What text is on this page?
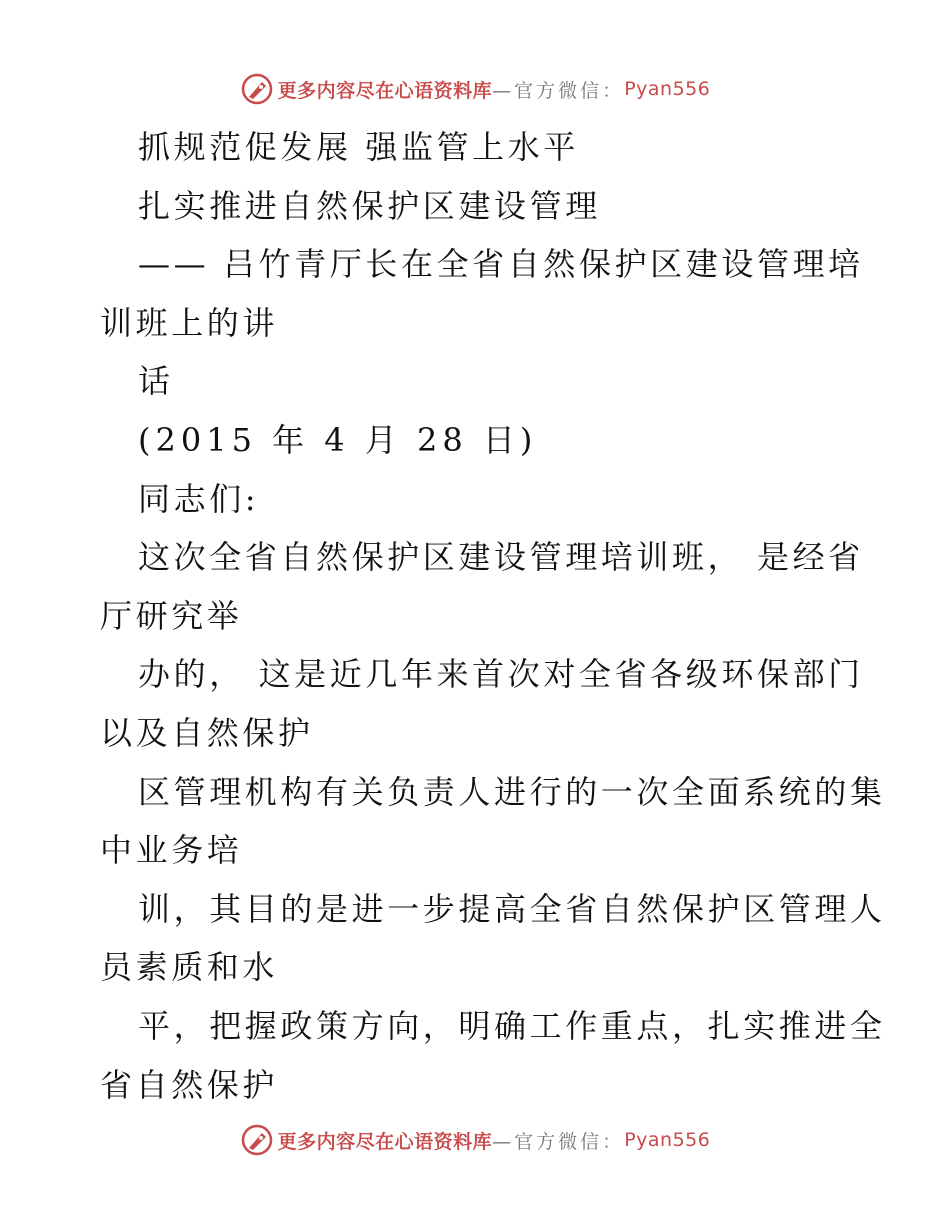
更多内容尽在心语资料库 —官方微信： Pyan556
抓规范促发展 强监管上水平
扎实推进自然保护区建设管理
—— 吕竹青厅长在全省自然保护区建设管理培
训班上的讲
话
(2015 年 4 月 28 日)
同志们:
这次全省自然保护区建设管理培训班， 是经省
厅研究举
办的， 这是近几年来首次对全省各级环保部门
以及自然保护
区管理机构有关负责人进行的一次全面系统的集
中业务培
训，其目的是进一步提高全省自然保护区管理人
员素质和水
平，把握政策方向，明确工作重点，扎实推进全
省自然保护
更多内容尽在心语资料库 —官方微信： Pyan556
